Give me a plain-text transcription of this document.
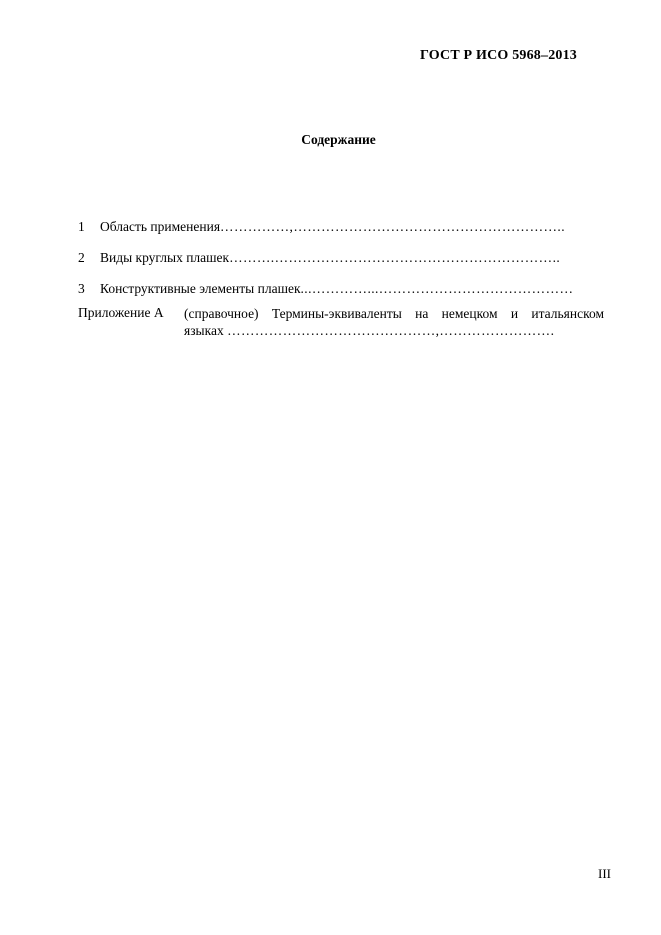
ГОСТ Р ИСО 5968–2013
Содержание
1	Область применения……………,…………………………………………………..
2	Виды круглых плашек……….……………………………………………………..
3	Конструктивные элементы плашек...…………...……………………………………
Приложение А (справочное) Термины-эквиваленты на немецком и итальянском
языках ………………………………………,…………………….
III
